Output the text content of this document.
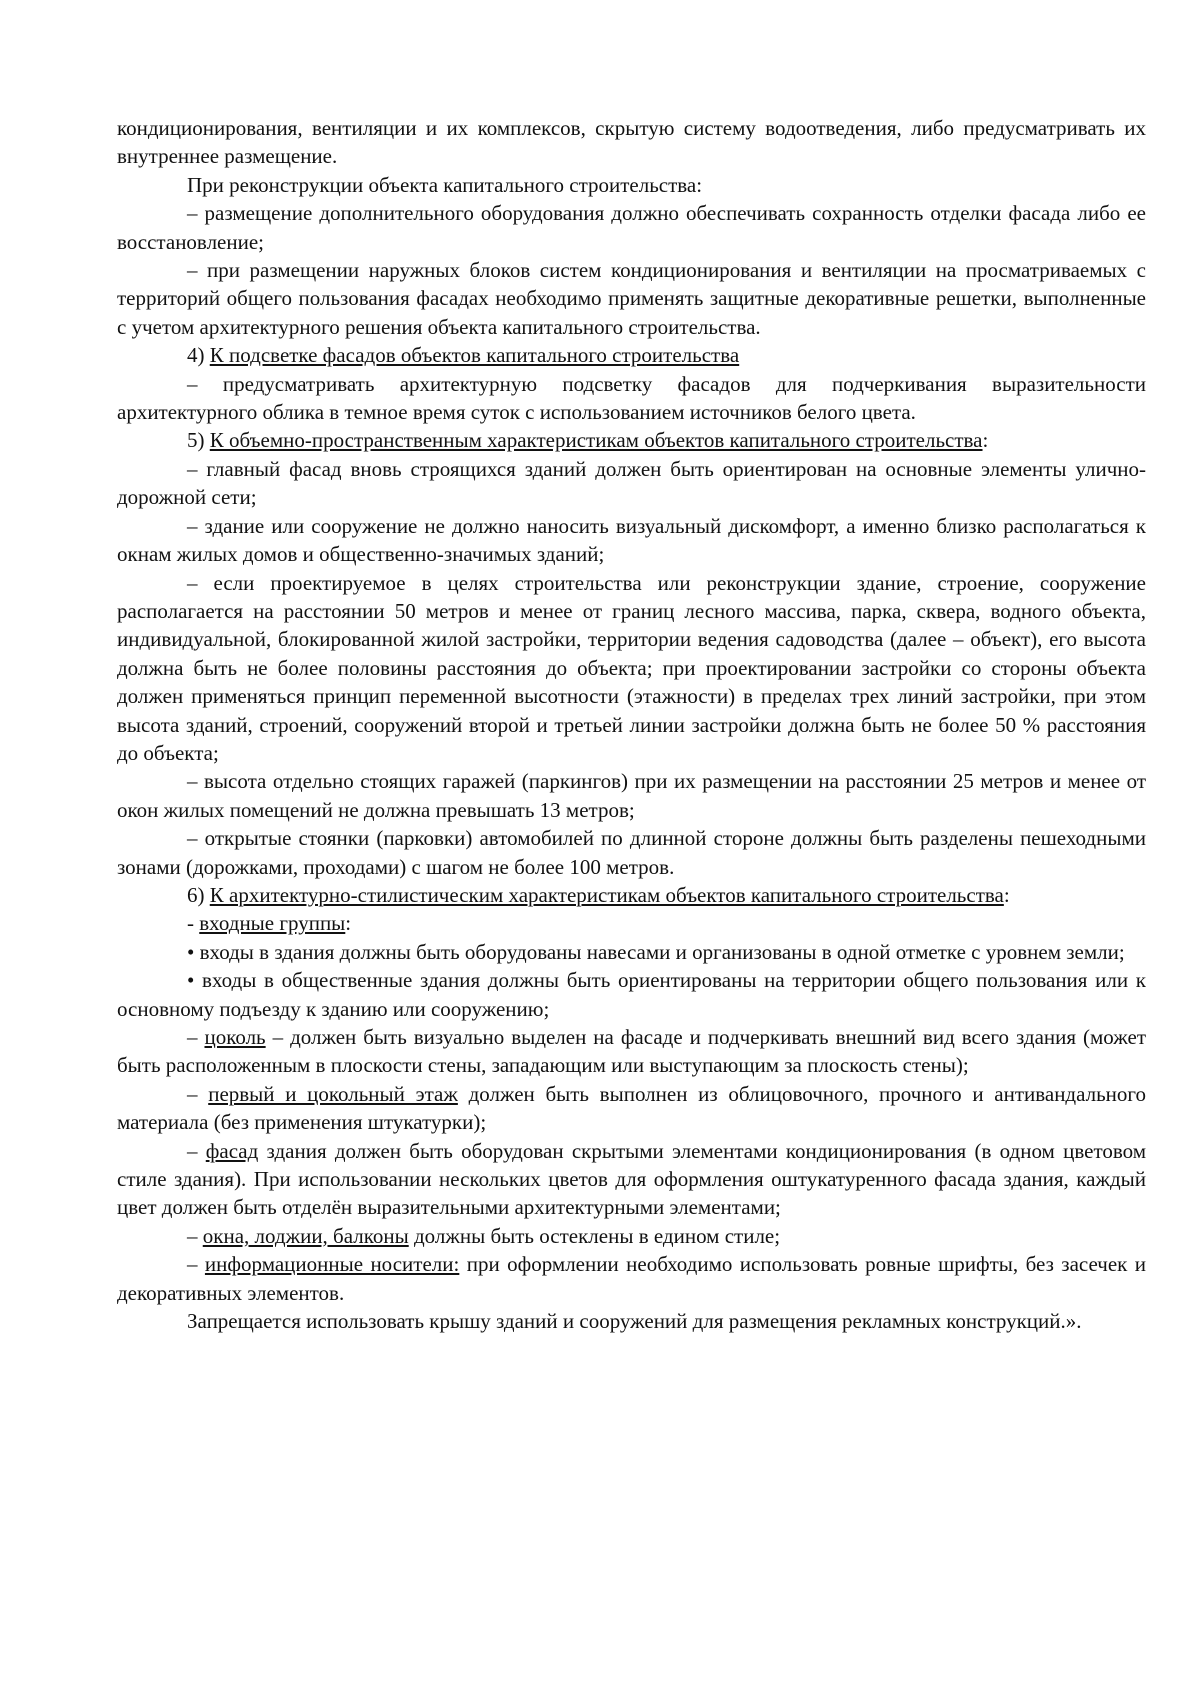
кондиционирования, вентиляции и их комплексов, скрытую систему водоотведения, либо предусматривать их внутреннее размещение.

При реконструкции объекта капитального строительства:

– размещение дополнительного оборудования должно обеспечивать сохранность отделки фасада либо ее восстановление;

– при размещении наружных блоков систем кондиционирования и вентиляции на просматриваемых с территорий общего пользования фасадах необходимо применять защитные декоративные решетки, выполненные с учетом архитектурного решения объекта капитального строительства.

4) К подсветке фасадов объектов капитального строительства

– предусматривать архитектурную подсветку фасадов для подчеркивания выразительности архитектурного облика в темное время суток с использованием источников белого цвета.

5) К объемно-пространственным характеристикам объектов капитального строительства:

– главный фасад вновь строящихся зданий должен быть ориентирован на основные элементы улично-дорожной сети;

– здание или сооружение не должно наносить визуальный дискомфорт, а именно близко располагаться к окнам жилых домов и общественно-значимых зданий;

– если проектируемое в целях строительства или реконструкции здание, строение, сооружение располагается на расстоянии 50 метров и менее от границ лесного массива, парка, сквера, водного объекта, индивидуальной, блокированной жилой застройки, территории ведения садоводства (далее – объект), его высота должна быть не более половины расстояния до объекта; при проектировании застройки со стороны объекта должен применяться принцип переменной высотности (этажности) в пределах трех линий застройки, при этом высота зданий, строений, сооружений второй и третьей линии застройки должна быть не более 50 % расстояния до объекта;

– высота отдельно стоящих гаражей (паркингов) при их размещении на расстоянии 25 метров и менее от окон жилых помещений не должна превышать 13 метров;

– открытые стоянки (парковки) автомобилей по длинной стороне должны быть разделены пешеходными зонами (дорожками, проходами) с шагом не более 100 метров.

6) К архитектурно-стилистическим характеристикам объектов капитального строительства:

- входные группы:

• входы в здания должны быть оборудованы навесами и организованы в одной отметке с уровнем земли;

• входы в общественные здания должны быть ориентированы на территории общего пользования или к основному подъезду к зданию или сооружению;

– цоколь – должен быть визуально выделен на фасаде и подчеркивать внешний вид всего здания (может быть расположенным в плоскости стены, западающим или выступающим за плоскость стены);

– первый и цокольный этаж должен быть выполнен из облицовочного, прочного и антивандального материала (без применения штукатурки);

– фасад здания должен быть оборудован скрытыми элементами кондиционирования (в одном цветовом стиле здания). При использовании нескольких цветов для оформления оштукатуренного фасада здания, каждый цвет должен быть отделён выразительными архитектурными элементами;

– окна, лоджии, балконы должны быть остеклены в едином стиле;

– информационные носители: при оформлении необходимо использовать ровные шрифты, без засечек и декоративных элементов.

Запрещается использовать крышу зданий и сооружений для размещения рекламных конструкций.».
